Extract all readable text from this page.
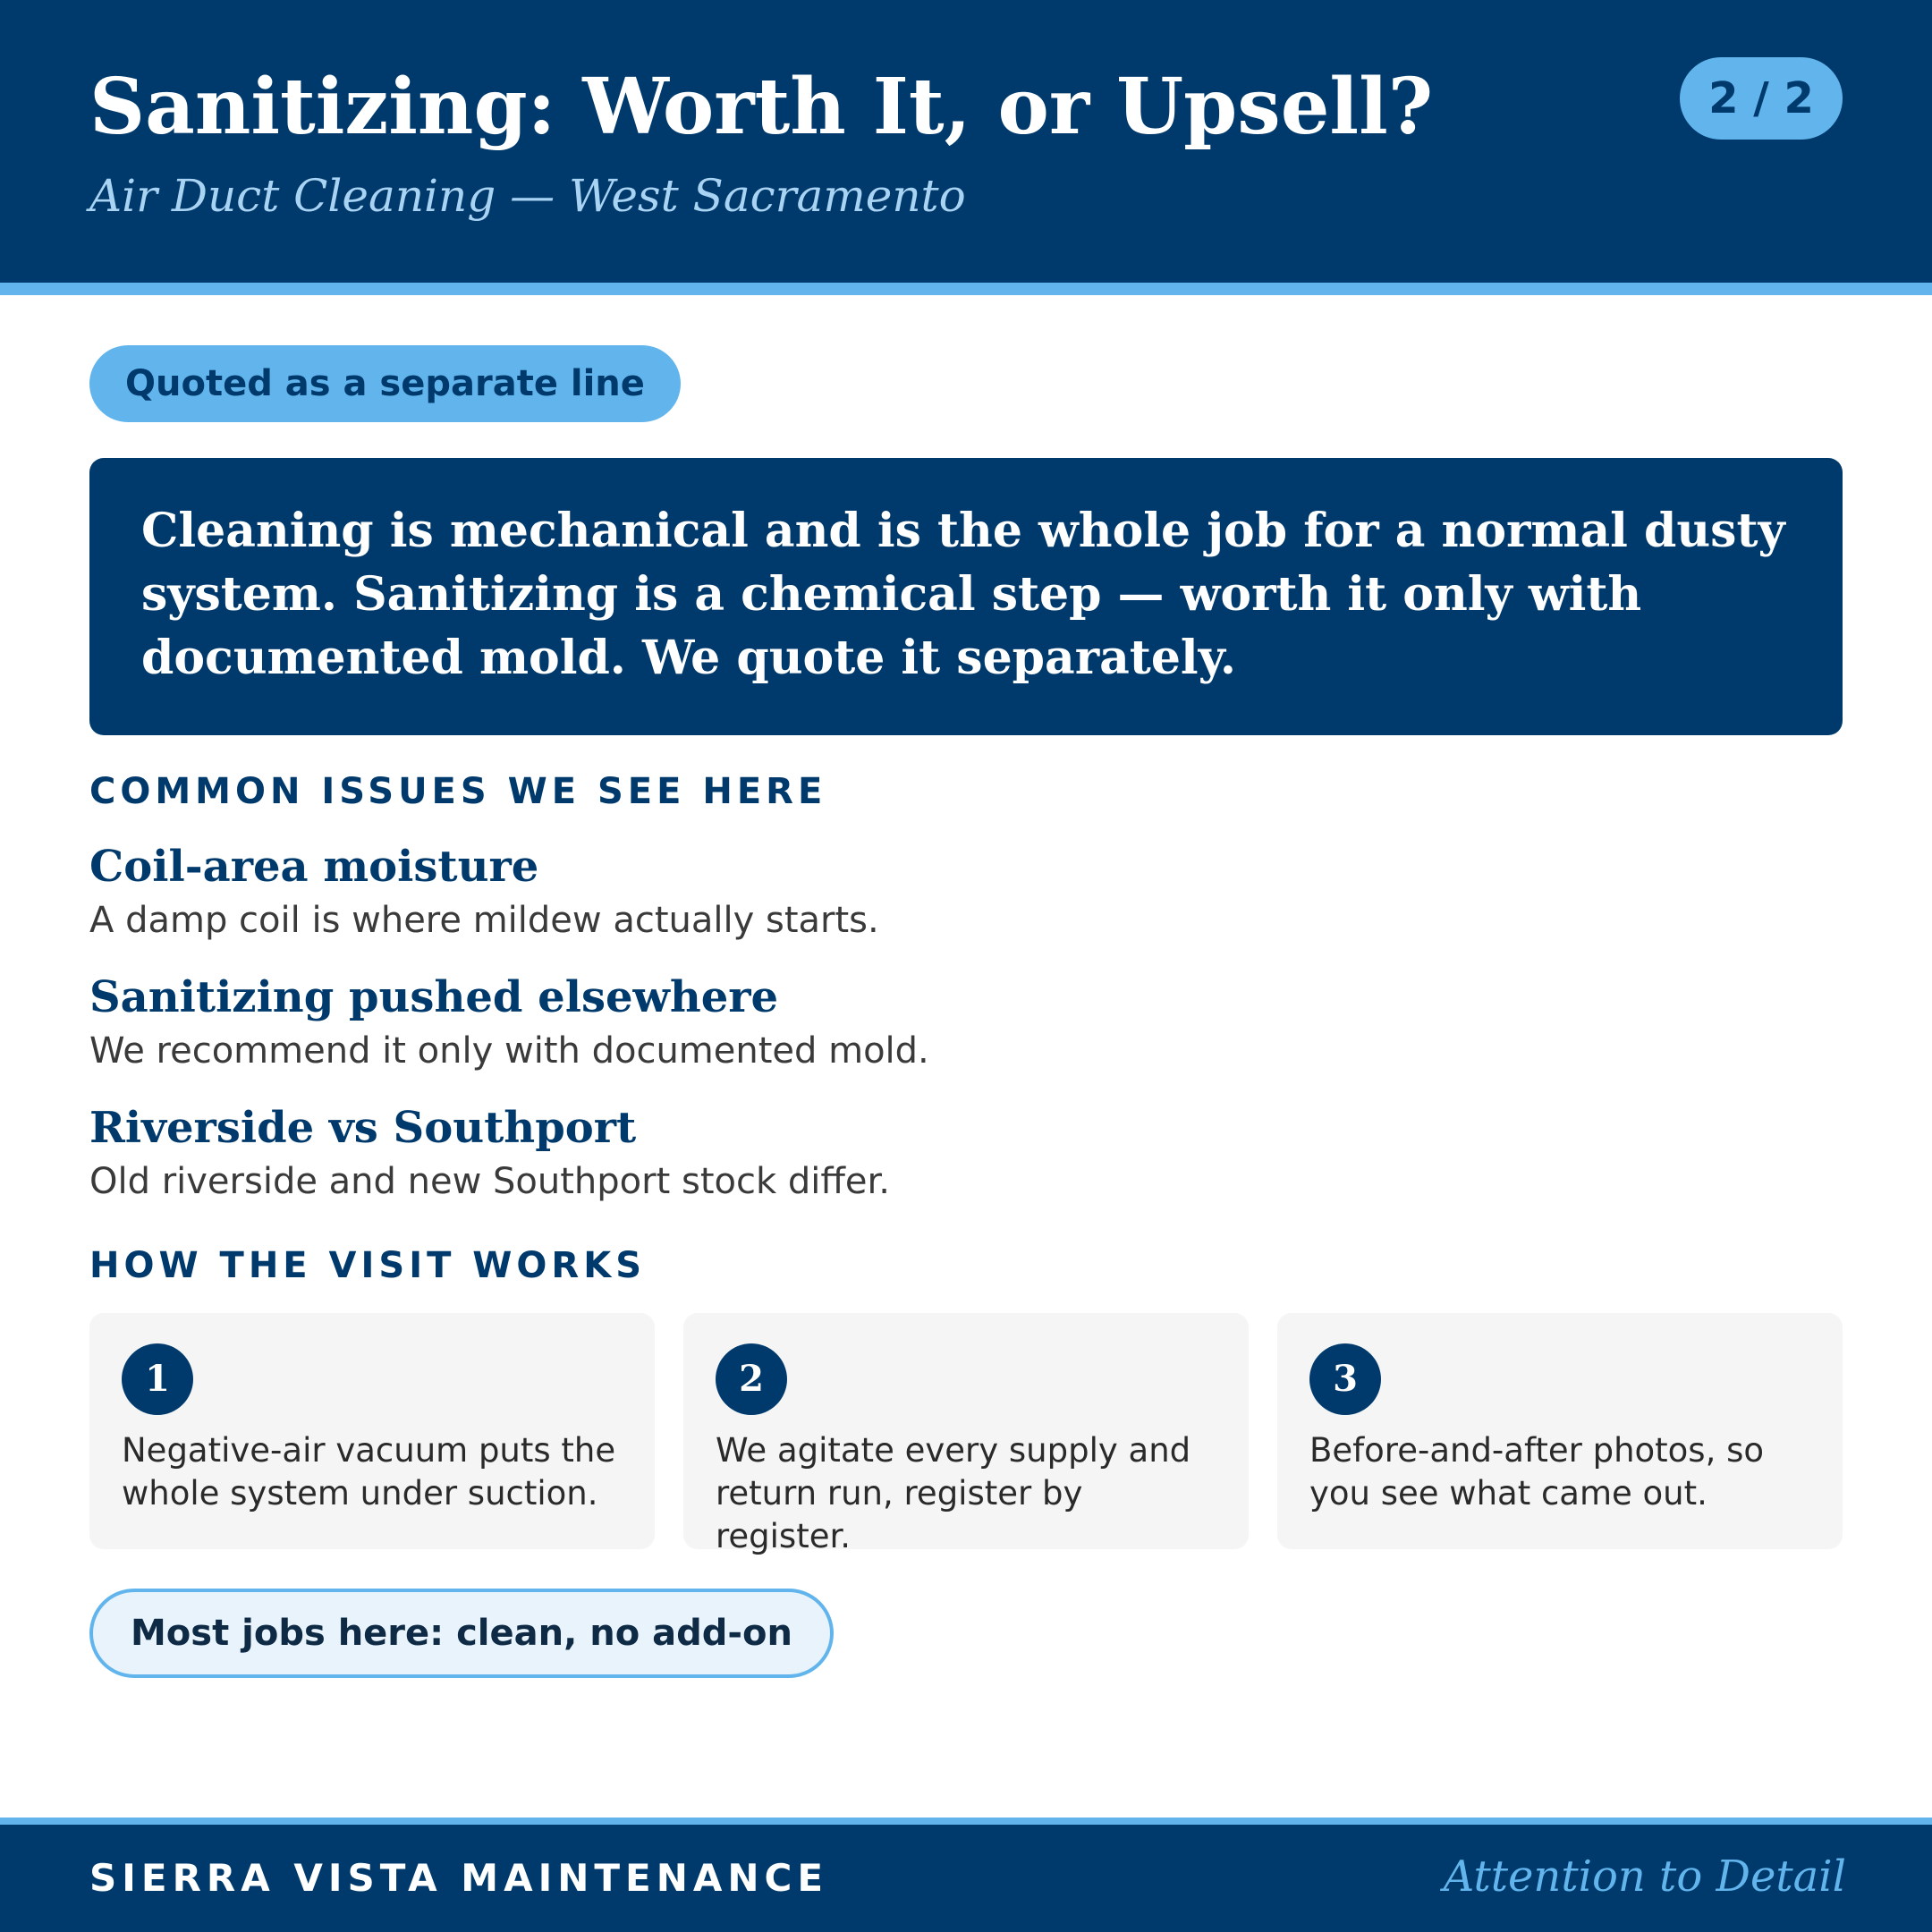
Sanitizing: Worth It, or Upsell?
Air Duct Cleaning — West Sacramento
2 / 2
Quoted as a separate line
Cleaning is mechanical and is the whole job for a normal dusty system. Sanitizing is a chemical step — worth it only with documented mold. We quote it separately.
COMMON ISSUES WE SEE HERE
Coil-area moisture
A damp coil is where mildew actually starts.
Sanitizing pushed elsewhere
We recommend it only with documented mold.
Riverside vs Southport
Old riverside and new Southport stock differ.
HOW THE VISIT WORKS
1
Negative-air vacuum puts the whole system under suction.
2
We agitate every supply and return run, register by register.
3
Before-and-after photos, so you see what came out.
Most jobs here: clean, no add-on
SIERRA VISTA MAINTENANCE	Attention to Detail
